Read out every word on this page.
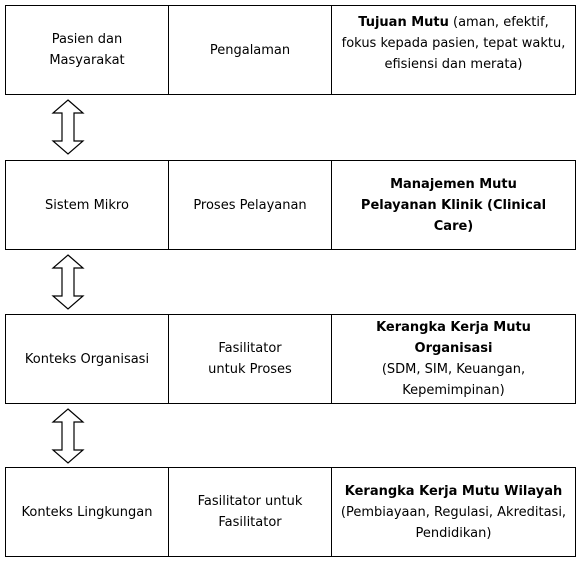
Pasien dan
Masyarakat
Pengalaman
Tujuan Mutu (aman, efektif, fokus kepada pasien, tepat waktu, efisiensi dan merata)
Sistem Mikro	Proses Pelayanan
Manajemen Mutu Pelayanan Klinik (Clinical Care)
Konteks Organisasi
Fasilitator untuk Proses
Kerangka Kerja Mutu Organisasi
(SDM, SIM, Keuangan, Kepemimpinan)
Konteks Lingkungan
Fasilitator untuk Fasilitator
Kerangka Kerja Mutu Wilayah
(Pembiayaan, Regulasi, Akreditasi, Pendidikan)
